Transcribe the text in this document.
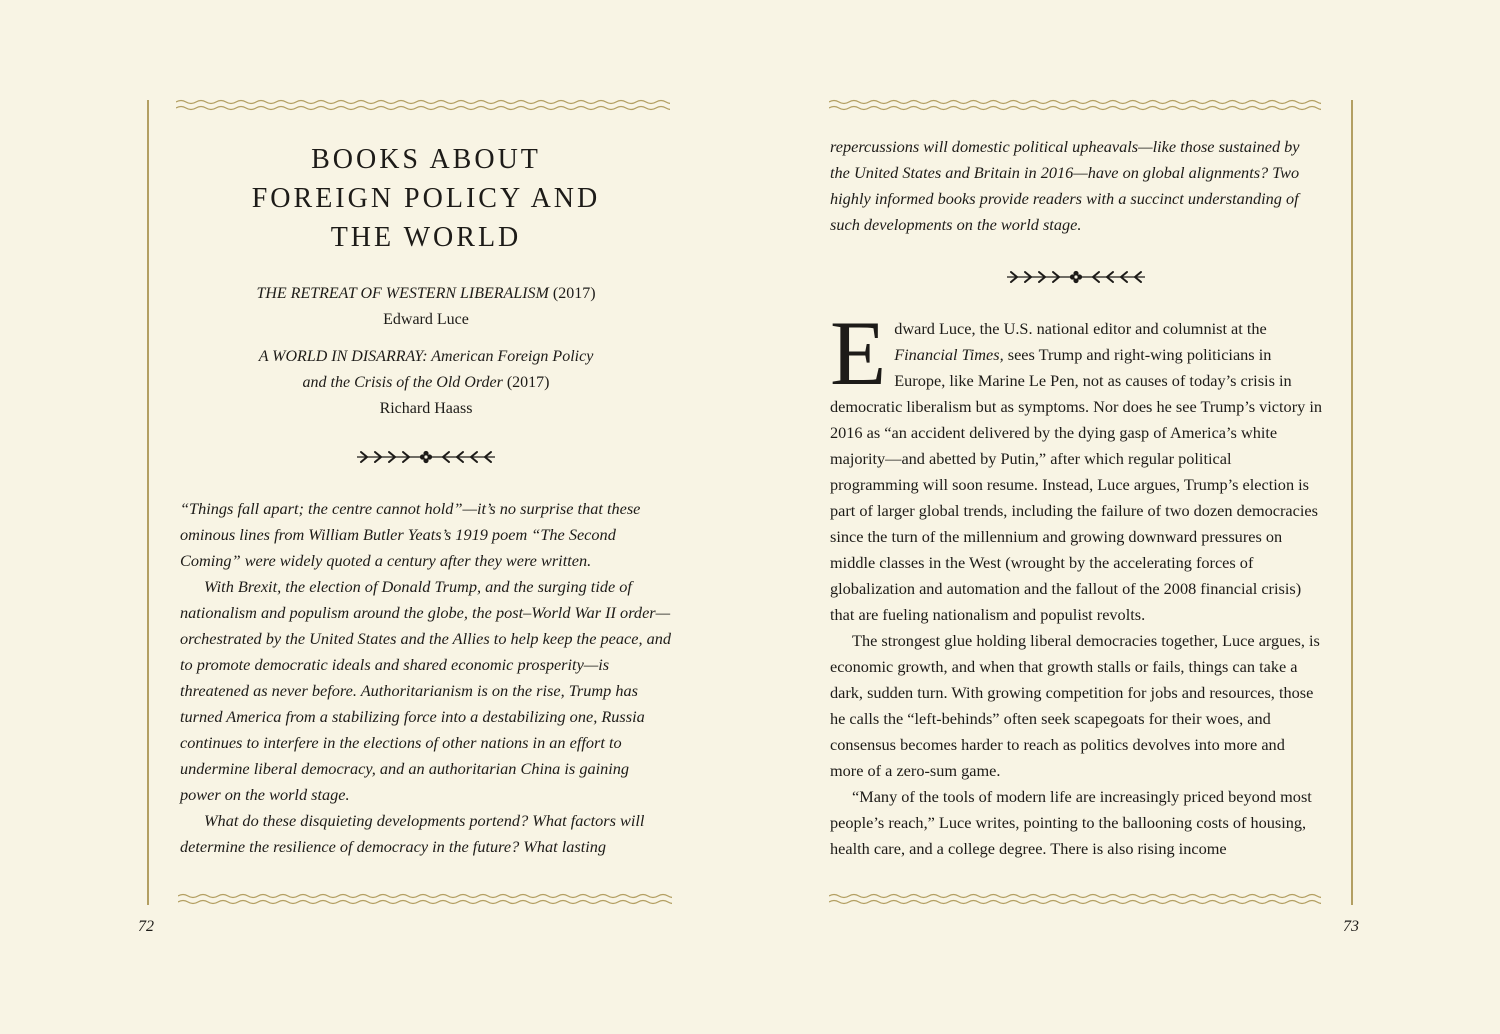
BOOKS ABOUT
FOREIGN POLICY AND
THE WORLD
THE RETREAT OF WESTERN LIBERALISM (2017)
Edward Luce
A WORLD IN DISARRAY: American Foreign Policy
and the Crisis of the Old Order (2017)
Richard Haass

“Things fall apart; the centre cannot hold”—it’s no surprise that these ominous lines from William Butler Yeats’s 1919 poem “The Second Coming” were widely quoted a century after they were written.

With Brexit, the election of Donald Trump, and the surging tide of nationalism and populism around the globe, the post–World War II order—orchestrated by the United States and the Allies to help keep the peace, and to promote democratic ideals and shared economic prosperity—is threatened as never before. Authoritarianism is on the rise, Trump has turned America from a stabilizing force into a destabilizing one, Russia continues to interfere in the elections of other nations in an effort to undermine liberal democracy, and an authoritarian China is gaining power on the world stage.

What do these disquieting developments portend? What factors will determine the resilience of democracy in the future? What lasting

72

repercussions will domestic political upheavals—like those sustained by the United States and Britain in 2016—have on global alignments? Two highly informed books provide readers with a succinct understanding of such developments on the world stage.

Edward Luce, the U.S. national editor and columnist at the Financial Times, sees Trump and right-wing politicians in Europe, like Marine Le Pen, not as causes of today’s crisis in democratic liberalism but as symptoms. Nor does he see Trump’s victory in 2016 as “an accident delivered by the dying gasp of America’s white majority—and abetted by Putin,” after which regular political programming will soon resume. Instead, Luce argues, Trump’s election is part of larger global trends, including the failure of two dozen democracies since the turn of the millennium and growing downward pressures on middle classes in the West (wrought by the accelerating forces of globalization and automation and the fallout of the 2008 financial crisis) that are fueling nationalism and populist revolts.

The strongest glue holding liberal democracies together, Luce argues, is economic growth, and when that growth stalls or fails, things can take a dark, sudden turn. With growing competition for jobs and resources, those he calls the “left-behinds” often seek scapegoats for their woes, and consensus becomes harder to reach as politics devolves into more and more of a zero-sum game.

“Many of the tools of modern life are increasingly priced beyond most people’s reach,” Luce writes, pointing to the ballooning costs of housing, health care, and a college degree. There is also rising income

73
